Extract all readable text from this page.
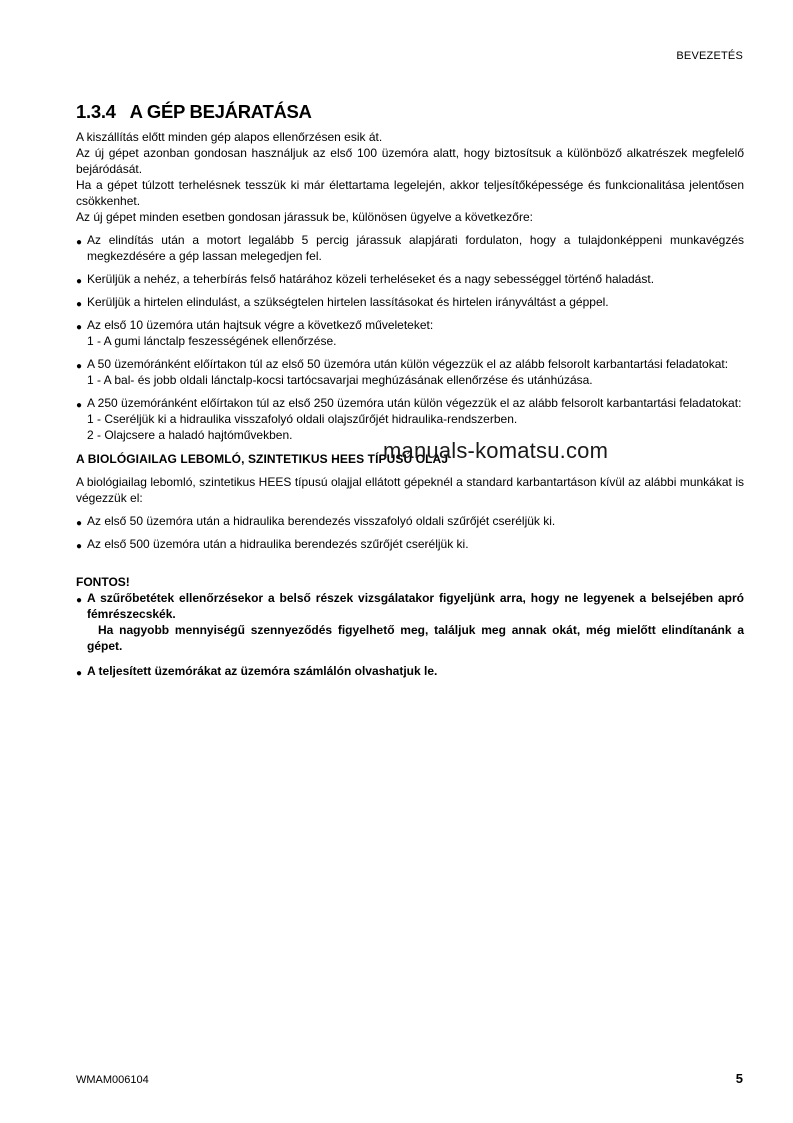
BEVEZETÉS
1.3.4 A GÉP BEJÁRATÁSA

A kiszállítás előtt minden gép alapos ellenőrzésen esik át.

Az új gépet azonban gondosan használjuk az első 100 üzemóra alatt, hogy biztosítsuk a különböző alkatrészek megfelelő bejáródását.

Ha a gépet túlzott terhelésnek tesszük ki már élettartama legelején, akkor teljesítőképessége és funkcionalitása jelentősen csökkenhet.

Az új gépet minden esetben gondosan járassuk be, különösen ügyelve a következőre:

● Az elindítás után a motort legalább 5 percig járassuk alapjárati fordulaton, hogy a tulajdonképpeni munkavégzés megkezdésére a gép lassan melegedjen fel.
● Kerüljük a nehéz, a teherbírás felső határához közeli terheléseket és a nagy sebességgel történő haladást.
● Kerüljük a hirtelen elindulást, a szükségtelen hirtelen lassításokat és hirtelen irányváltást a géppel.
● Az első 10 üzemóra után hajtsuk végre a következő műveleteket:
1 - A gumi lánctalp feszességének ellenőrzése.
● A 50 üzemóránként előírtakon túl az első 50 üzemóra után külön végezzük el az alább felsorolt karbantartási feladatokat:
1 - A bal- és jobb oldali lánctalp-kocsi tartócsavarjai meghúzásának ellenőrzése és utánhúzása.
● A 250 üzemóránként előírtakon túl az első 250 üzemóra után külön végezzük el az alább felsorolt karbantartási feladatokat:
1 - Cseréljük ki a hidraulika visszafolyó oldali olajszűrőjét hidraulika-rendszerben.
2 - Olajcsere a haladó hajtóművekben.
A BIOLÓGIAILAG LEBOMLÓ, SZINTETIKUS HEES TÍPUSÚ OLAJ

A biológiailag lebomló, szintetikus HEES típusú olajjal ellátott gépeknél a standard karbantartáson kívül az alábbi munkákat is végezzük el:

● Az első 50 üzemóra után a hidraulika berendezés visszafolyó oldali szűrőjét cseréljük ki.
● Az első 500 üzemóra után a hidraulika berendezés szűrőjét cseréljük ki.
FONTOS!
● A szűrőbetétek ellenőrzésekor a belső részek vizsgálatakor figyeljünk arra, hogy ne legyenek a belsejében apró fémrészecskék.
Ha nagyobb mennyiségű szennyeződés figyelhető meg, találjuk meg annak okát, még mielőtt elindítanánk a gépet.
● A teljesített üzemórákat az üzemóra számlálón olvashatjuk le.
manuals-komatsu.com
WMAM006104	5
